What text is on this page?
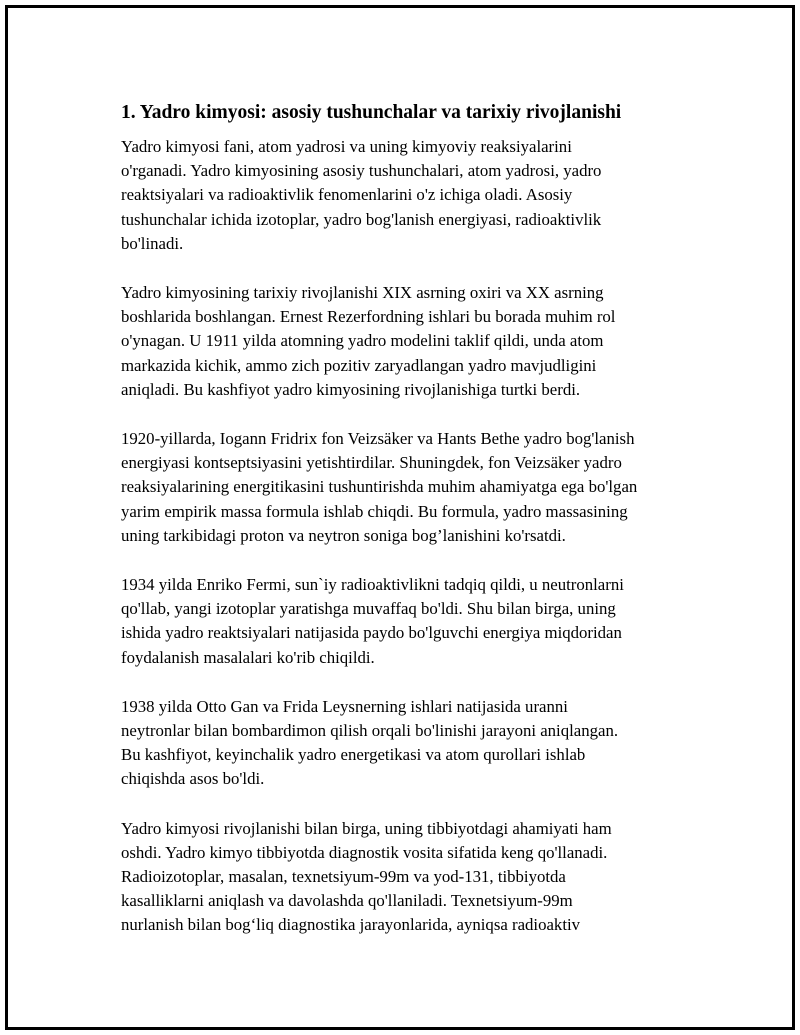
1. Yadro kimyosi: asosiy tushunchalar va tarixiy rivojlanishi

Yadro kimyosi fani, atom yadrosi va uning kimyoviy reaksiyalarini
o'rganadi. Yadro kimyosining asosiy tushunchalari, atom yadrosi, yadro
reaktsiyalari va radioaktivlik fenomenlarini o'z ichiga oladi. Asosiy
tushunchalar ichida izotoplar, yadro bog'lanish energiyasi, radioaktivlik
bo'linadi.

Yadro kimyosining tarixiy rivojlanishi XIX asrning oxiri va XX asrning
boshlarida boshlangan. Ernest Rezerfordning ishlari bu borada muhim rol
o'ynagan. U 1911 yilda atomning yadro modelini taklif qildi, unda atom
markazida kichik, ammo zich pozitiv zaryadlangan yadro mavjudligini
aniqladi. Bu kashfiyot yadro kimyosining rivojlanishiga turtki berdi.

1920-yillarda, Iogann Fridrix fon Veizsäker va Hants Bethe yadro bog'lanish
energiyasi kontseptsiyasini yetishtirdilar. Shuningdek, fon Veizsäker yadro
reaksiyalarining energitikasini tushuntirishda muhim ahamiyatga ega bo'lgan
yarim empirik massa formula ishlab chiqdi. Bu formula, yadro massasining
uning tarkibidagi proton va neytron soniga bog’lanishini ko'rsatdi.

1934 yilda Enriko Fermi, sun`iy radioaktivlikni tadqiq qildi, u neutronlarni
qo'llab, yangi izotoplar yaratishga muvaffaq bo'ldi. Shu bilan birga, uning
ishida yadro reaktsiyalari natijasida paydo bo'lguvchi energiya miqdoridan
foydalanish masalalari ko'rib chiqildi.

1938 yilda Otto Gan va Frida Leysnerning ishlari natijasida uranni
neytronlar bilan bombardimon qilish orqali bo'linishi jarayoni aniqlangan.
Bu kashfiyot, keyinchalik yadro energetikasi va atom qurollari ishlab
chiqishda asos bo'ldi.

Yadro kimyosi rivojlanishi bilan birga, uning tibbiyotdagi ahamiyati ham
oshdi. Yadro kimyo tibbiyotda diagnostik vosita sifatida keng qo'llanadi.
Radioizotoplar, masalan, texnetsiyum-99m va yod-131, tibbiyotda
kasalliklarni aniqlash va davolashda qo'llaniladi. Texnetsiyum-99m
nurlanish bilan bog‘liq diagnostika jarayonlarida, ayniqsa radioaktiv
